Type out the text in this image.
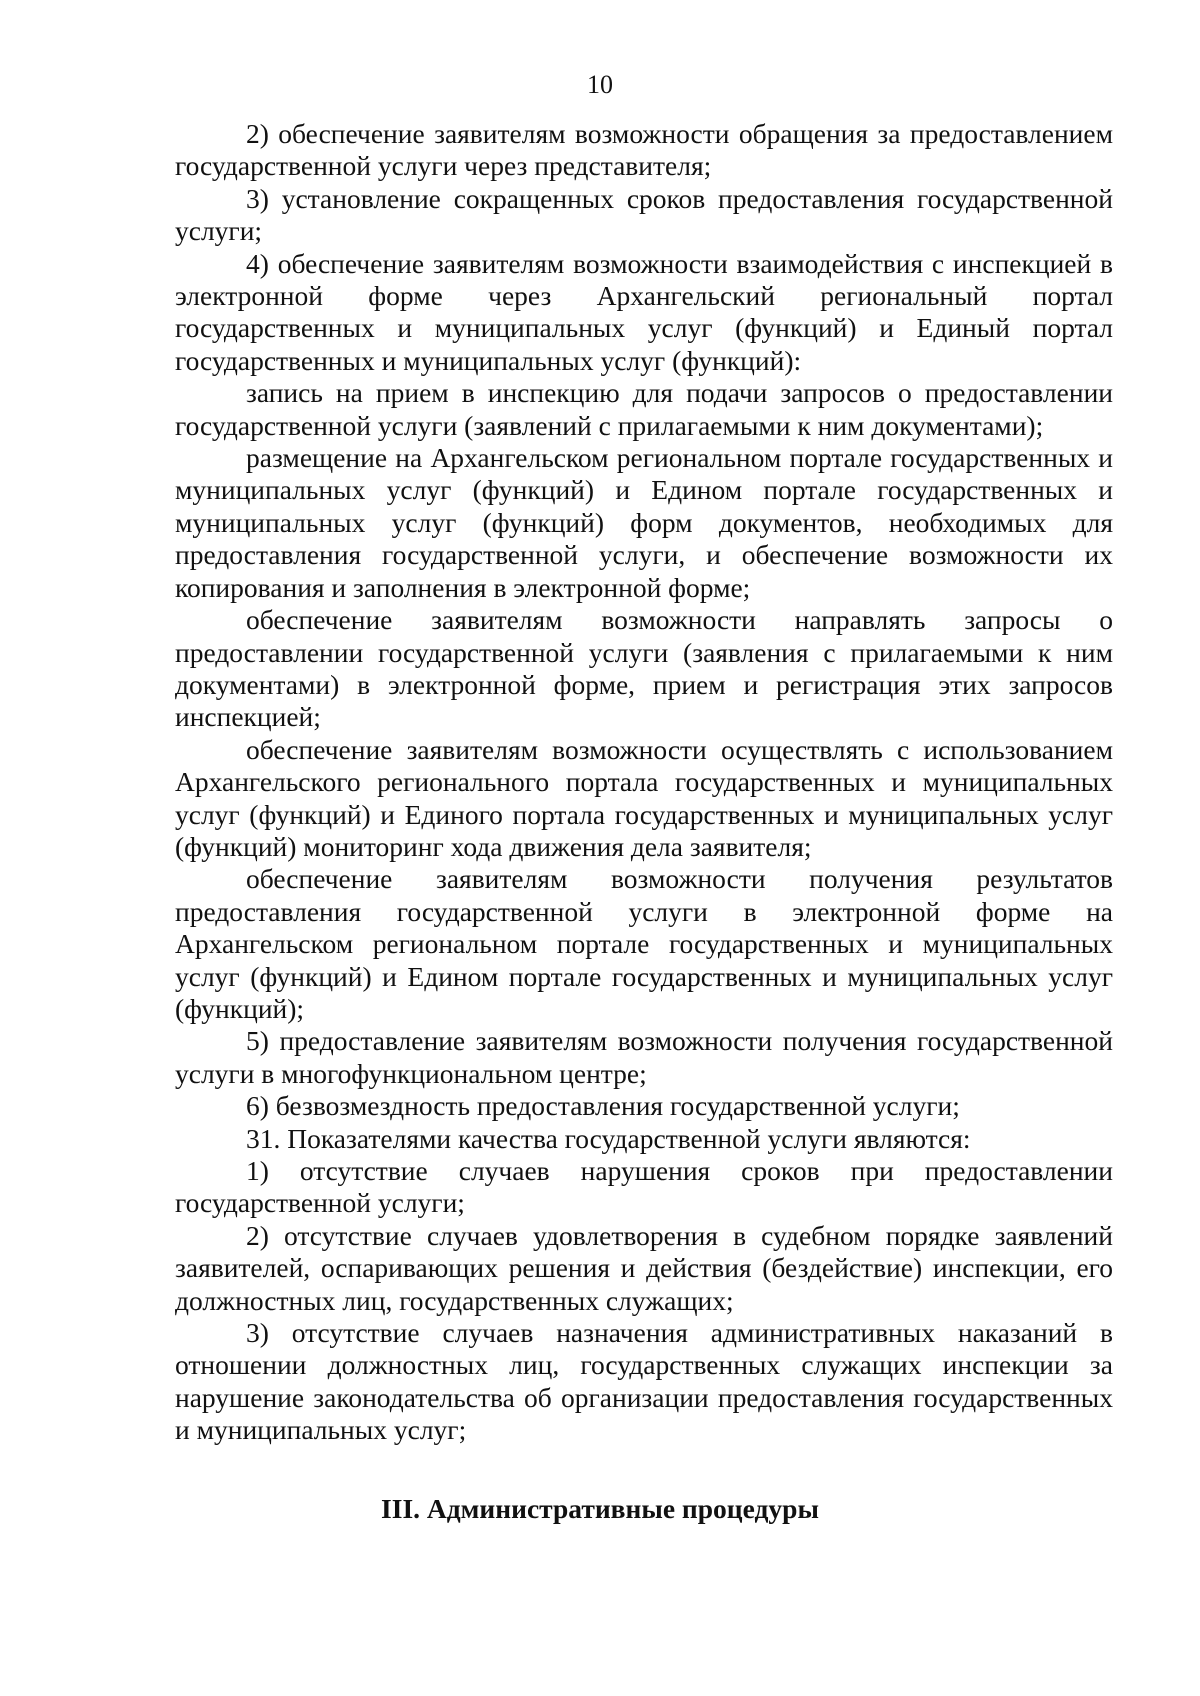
10

2) обеспечение заявителям возможности обращения за предоставлением государственной услуги через представителя;

3) установление сокращенных сроков предоставления государственной услуги;

4) обеспечение заявителям возможности взаимодействия с инспекцией в электронной форме через Архангельский региональный портал государственных и муниципальных услуг (функций) и Единый портал государственных и муниципальных услуг (функций):

запись на прием в инспекцию для подачи запросов о предоставлении государственной услуги (заявлений с прилагаемыми к ним документами);

размещение на Архангельском региональном портале государственных и муниципальных услуг (функций) и Едином портале государственных и муниципальных услуг (функций) форм документов, необходимых для предоставления государственной услуги, и обеспечение возможности их копирования и заполнения в электронной форме;

обеспечение заявителям возможности направлять запросы о предоставлении государственной услуги (заявления с прилагаемыми к ним документами) в электронной форме, прием и регистрация этих запросов инспекцией;

обеспечение заявителям возможности осуществлять с использованием Архангельского регионального портала государственных и муниципальных услуг (функций) и Единого портала государственных и муниципальных услуг (функций) мониторинг хода движения дела заявителя;

обеспечение заявителям возможности получения результатов предоставления государственной услуги в электронной форме на Архангельском региональном портале государственных и муниципальных услуг (функций) и Едином портале государственных и муниципальных услуг (функций);

5) предоставление заявителям возможности получения государственной услуги в многофункциональном центре;

6) безвозмездность предоставления государственной услуги;

31. Показателями качества государственной услуги являются:

1) отсутствие случаев нарушения сроков при предоставлении государственной услуги;

2) отсутствие случаев удовлетворения в судебном порядке заявлений заявителей, оспаривающих решения и действия (бездействие) инспекции, его должностных лиц, государственных служащих;

3) отсутствие случаев назначения административных наказаний в отношении должностных лиц, государственных служащих инспекции за нарушение законодательства об организации предоставления государственных и муниципальных услуг;

III. Административные процедуры
